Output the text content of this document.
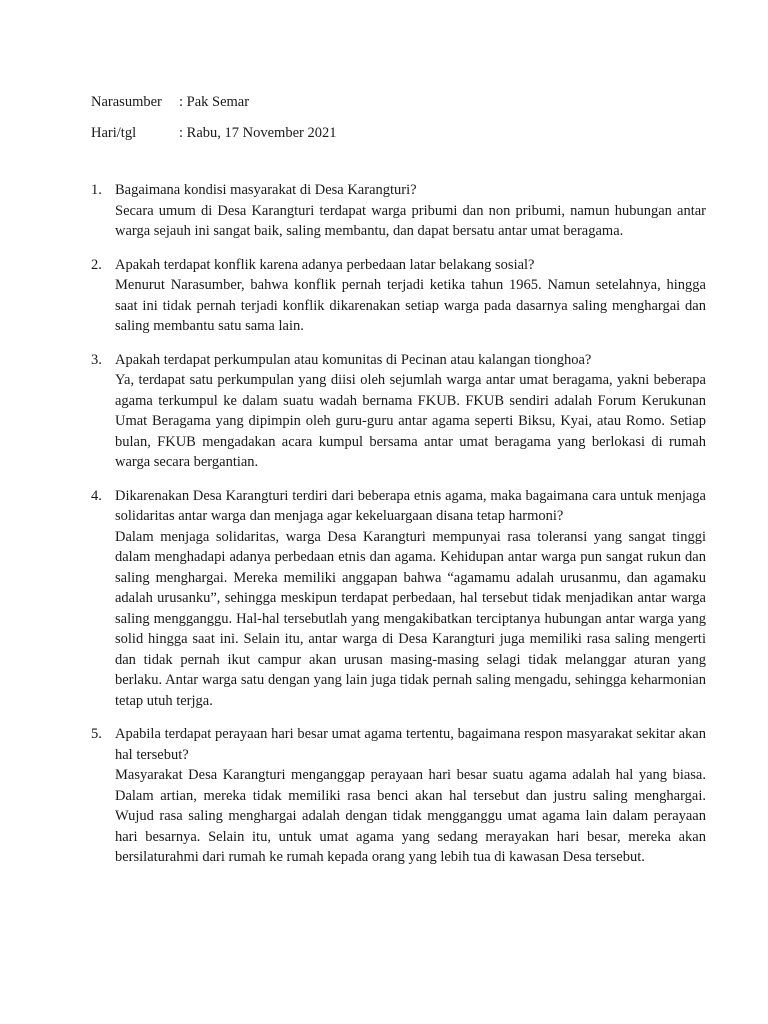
Narasumber	: Pak Semar
Hari/tgl	: Rabu, 17 November 2021
1. Bagaimana kondisi masyarakat di Desa Karangturi?

Secara umum di Desa Karangturi terdapat warga pribumi dan non pribumi, namun hubungan antar warga sejauh ini sangat baik, saling membantu, dan dapat bersatu antar umat beragama.

2. Apakah terdapat konflik karena adanya perbedaan latar belakang sosial?

Menurut Narasumber, bahwa konflik pernah terjadi ketika tahun 1965. Namun setelahnya, hingga saat ini tidak pernah terjadi konflik dikarenakan setiap warga pada dasarnya saling menghargai dan saling membantu satu sama lain.

3. Apakah terdapat perkumpulan atau komunitas di Pecinan atau kalangan tionghoa?

Ya, terdapat satu perkumpulan yang diisi oleh sejumlah warga antar umat beragama, yakni beberapa agama terkumpul ke dalam suatu wadah bernama FKUB. FKUB sendiri adalah Forum Kerukunan Umat Beragama yang dipimpin oleh guru-guru antar agama seperti Biksu, Kyai, atau Romo. Setiap bulan, FKUB mengadakan acara kumpul bersama antar umat beragama yang berlokasi di rumah warga secara bergantian.

4. Dikarenakan Desa Karangturi terdiri dari beberapa etnis agama, maka bagaimana cara untuk menjaga solidaritas antar warga dan menjaga agar kekeluargaan disana tetap harmoni?

Dalam menjaga solidaritas, warga Desa Karangturi mempunyai rasa toleransi yang sangat tinggi dalam menghadapi adanya perbedaan etnis dan agama. Kehidupan antar warga pun sangat rukun dan saling menghargai. Mereka memiliki anggapan bahwa “agamamu adalah urusanmu, dan agamaku adalah urusanku”, sehingga meskipun terdapat perbedaan, hal tersebut tidak menjadikan antar warga saling mengganggu. Hal-hal tersebutlah yang mengakibatkan terciptanya hubungan antar warga yang solid hingga saat ini. Selain itu, antar warga di Desa Karangturi juga memiliki rasa saling mengerti dan tidak pernah ikut campur akan urusan masing-masing selagi tidak melanggar aturan yang berlaku. Antar warga satu dengan yang lain juga tidak pernah saling mengadu, sehingga keharmonian tetap utuh terjga.

5. Apabila terdapat perayaan hari besar umat agama tertentu, bagaimana respon masyarakat sekitar akan hal tersebut?

Masyarakat Desa Karangturi menganggap perayaan hari besar suatu agama adalah hal yang biasa. Dalam artian, mereka tidak memiliki rasa benci akan hal tersebut dan justru saling menghargai. Wujud rasa saling menghargai adalah dengan tidak mengganggu umat agama lain dalam perayaan hari besarnya. Selain itu, untuk umat agama yang sedang merayakan hari besar, mereka akan bersilaturahmi dari rumah ke rumah kepada orang yang lebih tua di kawasan Desa tersebut.
